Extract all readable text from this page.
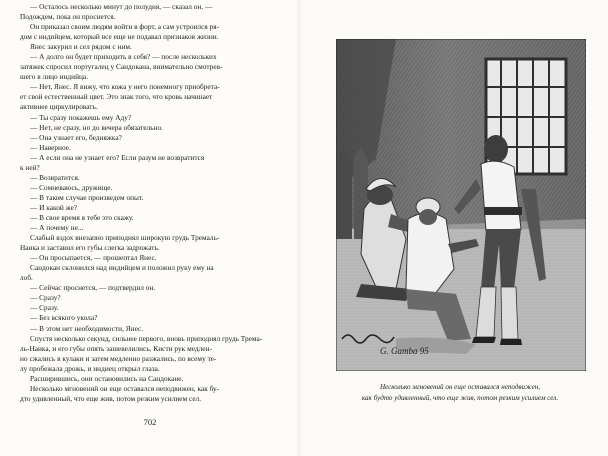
— Осталось несколько минут до полудня, — сказал он. —
Подождем, пока он проснется.
Он приказал своим людям войти в форт, а сам устроился ря-
дом с индийцем, который все еще не подавал признаков жизни.
Янес закурил и сел рядом с ним.
— А долго он будет приходить в себя? — после нескольких
затяжек спросил португалец у Сандокана, внимательно смотрев-
шего в лицо индийца.
— Нет, Янес. Я вижу, что кожа у него понемногу приобрета-
ет свой естественный цвет. Это знак того, что кровь начинает
активнее циркулировать.
— Ты сразу покажешь ему Аду?
— Нет, не сразу, но до вечера обязательно.
— Она узнает его, бедняжка?
— Наверное.
— А если она не узнает его? Если разум не возвратится
к ней?
— Возвратится.
— Сомневаюсь, дружище.
— В таком случае произведем опыт.
— И какой же?
— В свое время я тебе это скажу.
— А почему не...
Слабый вздох внезапно приподнял широкую грудь Тремаль-
Наика и заставил его губы слегка задрожать.
— Он просыпается, — прошептал Янес.
Сандокан склонился над индийцем и положил руку ему на
лоб.
— Сейчас проснется, — подтвердил он.
— Сразу?
— Сразу.
— Без всякого укола?
— В этом нет необходимости, Янес.
Спустя несколько секунд, сильнее первого, вновь приподнял грудь Трема-
ль-Наика, и его губы опять зашевелились. Кисти рук медлен-
но сжались в кулаки и затем медленно разжались, по всему те-
лу пробежала дрожь, и индиец открыл глаза.
Расширившись, они остановились на Сандокане.
Несколько мгновений он еще оставался неподвижен, как бу-
дто удивленный, что еще жив, потом резким усилием сел.
702
G. Gamba 95
Несколько мгновений он еще оставался неподвижен,
как будто удивленный, что еще жив, потом резким усилием сел.
